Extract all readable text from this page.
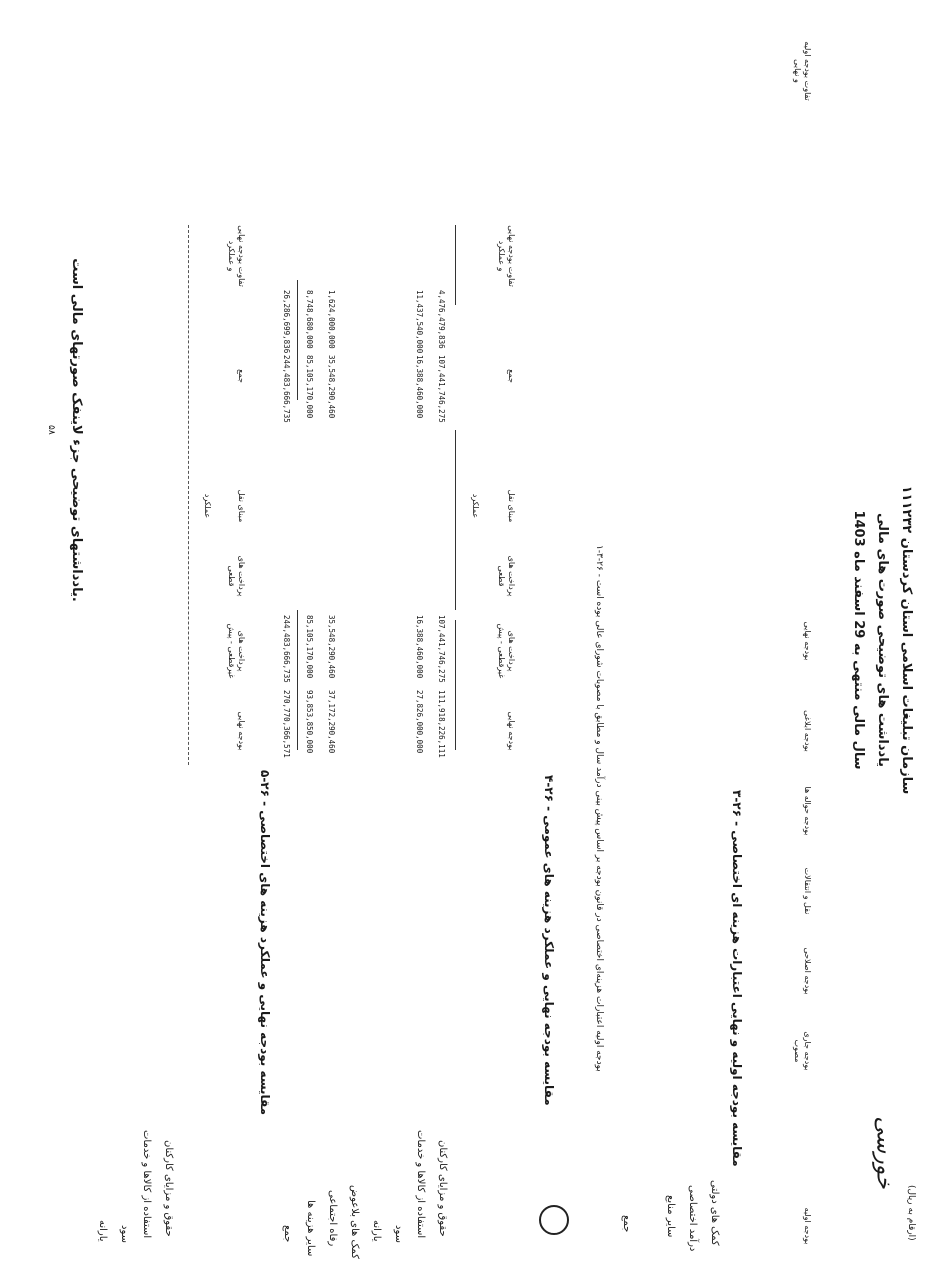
(ارقام به ریال)
سازمان تبلیغات اسلامی استان کردستان ۱۱۱۲۳۲
یادداشت های توضیحی صورت های مالی
سال مالی منتهی به 29 اسفند ماه 1403
بودجه اولیه
بودجه جاری مصوب
بودجه اصلاحی
نقل و انتقالات
بودجه حواله ها
بودجه ابلاغی
بودجه نهایی
تفاوت بودجه اولیه و نهایی
۳-۲۶ - مقایسه بودجه اولیه و نهایی اعتبارات هزینه ای اختصاصی
کمک های دولتی
درآمد اختصاصی
سایر منابع
جمع
۱-۳-۲۶ - بودجه اولیه اعتبارات هزینه‌ای اختصاصی در قانون بودجه بر اساس پیش بینی درآمد سال و مطابق با مصوبات شورای عالی بوده است
۴-۲۶ - مقایسه بودجه نهایی و عملکرد هزینه های عمومی
بودجه نهایی
پرداخت های غیرقطعی - پیش
پرداخت های قطعی
مبنای نقل
عملکرد
جمع
تفاوت بودجه نهایی و عملکرد
حقوق و مزایای کارکنان
111,918,226,111
107,441,746,275
107,441,746,275
4,476,479,836
استفاده از کالاها و خدمات
27,826,000,000
16,388,460,000
16,388,460,000
11,437,540,000
سود
یارانه
کمک های بلاعوض
رفاه اجتماعی
37,172,290,460
35,548,290,460
35,548,290,460
1,624,000,000
سایر هزینه ها
93,853,850,000
85,105,170,000
85,105,170,000
8,748,680,000
جمع
270,770,366,571
244,483,666,735
244,483,666,735
26,286,699,836
۵-۲۶ - مقایسه بودجه نهایی و عملکرد هزینه های اختصاصی
بودجه نهایی
پرداخت های غیرقطعی - پیش
پرداخت های قطعی
مبنای نقل
عملکرد
جمع
تفاوت بودجه نهایی و عملکرد
حقوق و مزایای کارکنان
استفاده از کالاها و خدمات
سود
یارانه
یادداشتهای توضیحی جزء لاینفک صورتهای مالی است.
۵۸
خورسی
